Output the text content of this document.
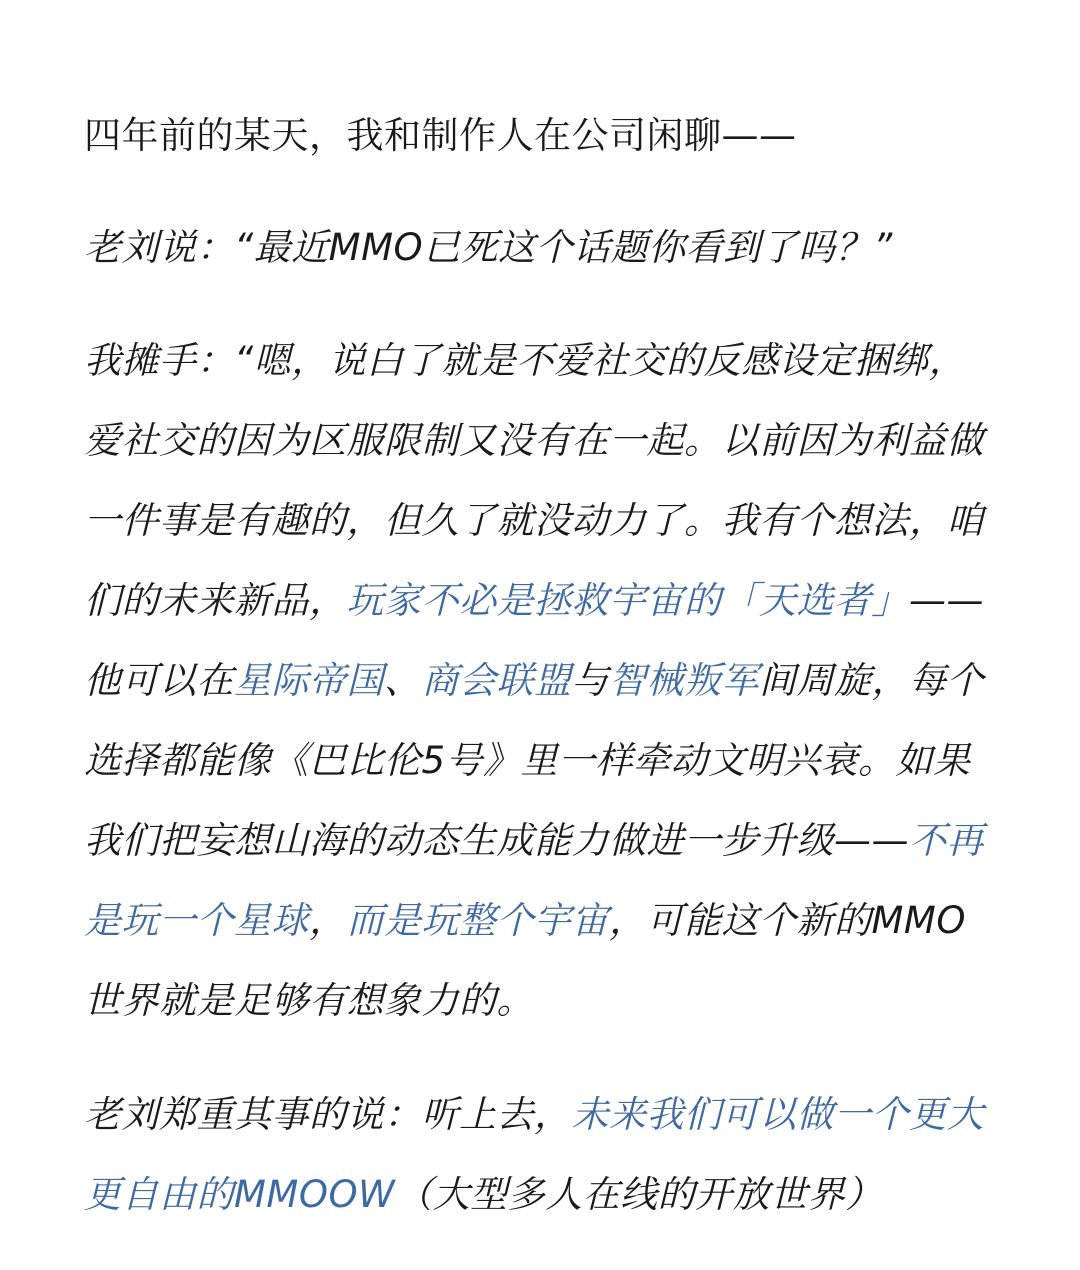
四年前的某天，我和制作人在公司闲聊——

老刘说：“最近MMO已死这个话题你看到了吗？”

我摊手：“嗯，说白了就是不爱社交的反感设定捆绑，爱社交的因为区服限制又没有在一起。以前因为利益做一件事是有趣的，但久了就没动力了。我有个想法，咱们的未来新品，玩家不必是拯救宇宙的「天选者」——他可以在星际帝国、商会联盟与智械叛军间周旋，每个选择都能像《巴比伦5号》里一样牵动文明兴衰。如果我们把妄想山海的动态生成能力做进一步升级——不再是玩一个星球，而是玩整个宇宙，可能这个新的MMO世界就是足够有想象力的。

老刘郑重其事的说：听上去，未来我们可以做一个更大更自由的MMOOW（大型多人在线的开放世界）
